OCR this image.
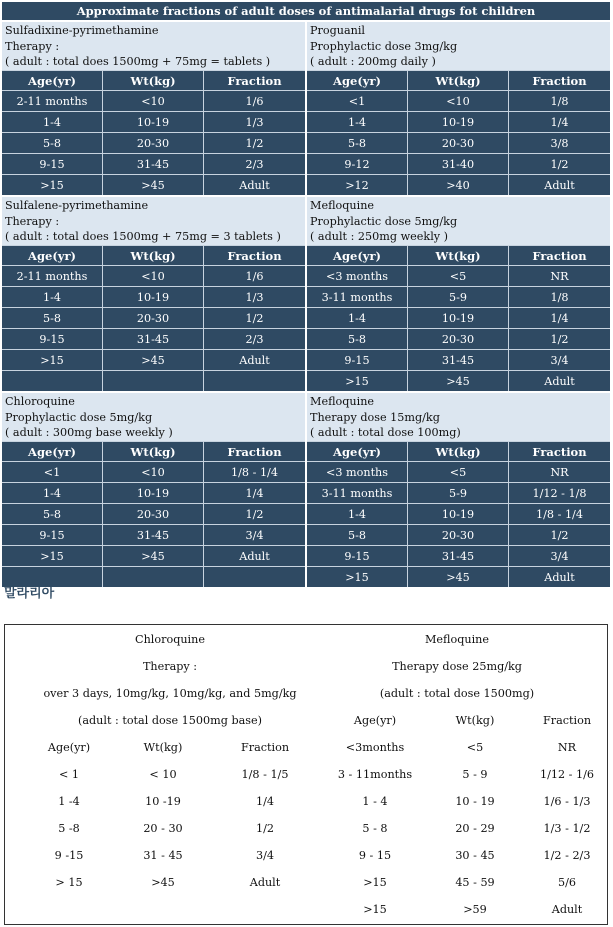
Approximate fractions of adult doses of antimalarial drugs fot children
Sulfadixine-pyrimethamine
Therapy :
( adult : total does 1500mg + 75mg = tablets )
Age(yr)	Wt(kg)	Fraction
2-11 months	<10	1/6
1-4	10-19	1/3
5-8	20-30	1/2
9-15	31-45	2/3
>15	>45	Adult
Proguanil
Prophylactic dose 3mg/kg
( adult : 200mg daily )
Age(yr)	Wt(kg)	Fraction
<1	<10	1/8
1-4	10-19	1/4
5-8	20-30	3/8
9-12	31-40	1/2
>12	>40	Adult
Sulfalene-pyrimethamine
Therapy :
( adult : total does 1500mg + 75mg = 3 tablets )
Age(yr)	Wt(kg)	Fraction
2-11 months	<10	1/6
1-4	10-19	1/3
5-8	20-30	1/2
9-15	31-45	2/3
>15	>45	Adult

Mefloquine
Prophylactic dose 5mg/kg
( adult : 250mg weekly )
Age(yr)	Wt(kg)	Fraction
<3 months	<5	NR
3-11 months	5-9	1/8
1-4	10-19	1/4
5-8	20-30	1/2
9-15	31-45	3/4
>15	>45	Adult
Chloroquine
Prophylactic dose 5mg/kg
( adult : 300mg base weekly )
Age(yr)	Wt(kg)	Fraction
<1	<10	1/8 - 1/4
1-4	10-19	1/4
5-8	20-30	1/2
9-15	31-45	3/4
>15	>45	Adult

Mefloquine
Therapy dose 15mg/kg
( adult : total dose 100mg)
Age(yr)	Wt(kg)	Fraction
<3 months	<5	NR
3-11 months	5-9	1/12 - 1/8
1-4	10-19	1/8 - 1/4
5-8	20-30	1/2
9-15	31-45	3/4
>15	>45	Adult
말라리아
Chloroquine
Therapy :
over 3 days, 10mg/kg, 10mg/kg, and 5mg/kg
(adult : total dose 1500mg base)
Age(yr)	Wt(kg)	Fraction
< 1	< 10	1/8 - 1/5
1 -4	10 -19	1/4
5 -8	20 - 30	1/2
9 -15	31 - 45	3/4
> 15	>45	Adult
Mefloquine
Therapy dose 25mg/kg
(adult : total dose 1500mg)
Age(yr)	Wt(kg)	Fraction
<3months	<5	NR
3 - 11months	5 - 9	1/12 - 1/6
1 - 4	10 - 19	1/6 - 1/3
5 - 8	20 - 29	1/3 - 1/2
9 - 15	30 - 45	1/2 - 2/3
>15	45 - 59	5/6
>15	>59	Adult
